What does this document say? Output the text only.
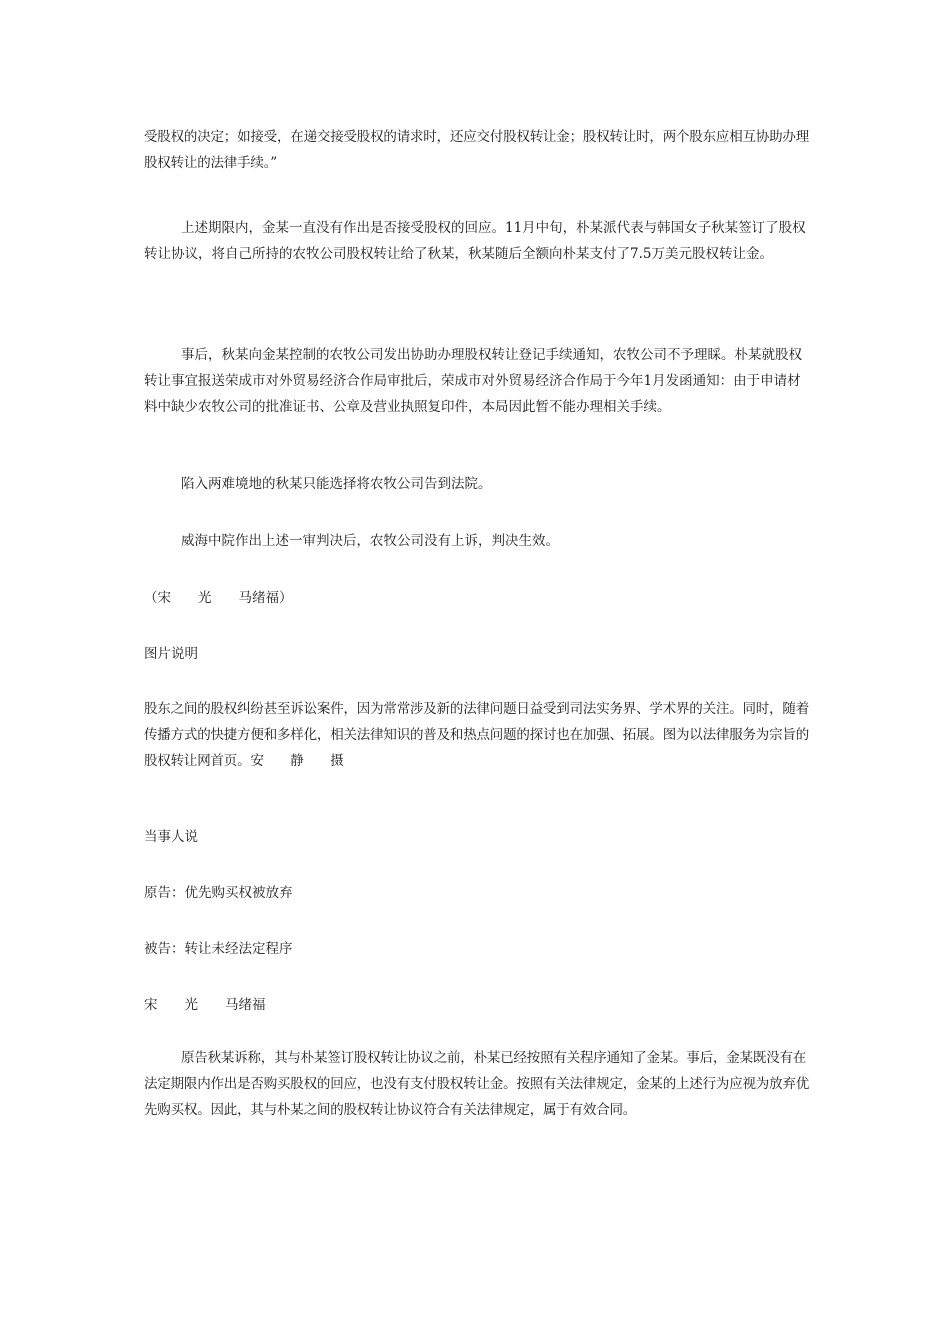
受股权的决定；如接受，在递交接受股权的请求时，还应交付股权转让金；股权转让时，两个股东应相互协助办理股权转让的法律手续。”

上述期限内，金某一直没有作出是否接受股权的回应。11月中旬，朴某派代表与韩国女子秋某签订了股权转让协议，将自己所持的农牧公司股权转让给了秋某，秋某随后全额向朴某支付了7.5万美元股权转让金。

事后，秋某向金某控制的农牧公司发出协助办理股权转让登记手续通知，农牧公司不予理睬。朴某就股权转让事宜报送荣成市对外贸易经济合作局审批后，荣成市对外贸易经济合作局于今年1月发函通知：由于申请材料中缺少农牧公司的批准证书、公章及营业执照复印件，本局因此暂不能办理相关手续。

陷入两难境地的秋某只能选择将农牧公司告到法院。

威海中院作出上述一审判决后，农牧公司没有上诉，判决生效。

（宋　　光　　马绪福）

图片说明

股东之间的股权纠纷甚至诉讼案件，因为常常涉及新的法律问题日益受到司法实务界、学术界的关注。同时，随着传播方式的快捷方便和多样化，相关法律知识的普及和热点问题的探讨也在加强、拓展。图为以法律服务为宗旨的股权转让网首页。安　　静　　摄

当事人说

原告：优先购买权被放弃

被告：转让未经法定程序

宋　　光　　马绪福

原告秋某诉称，其与朴某签订股权转让协议之前，朴某已经按照有关程序通知了金某。事后，金某既没有在法定期限内作出是否购买股权的回应，也没有支付股权转让金。按照有关法律规定，金某的上述行为应视为放弃优先购买权。因此，其与朴某之间的股权转让协议符合有关法律规定，属于有效合同。
